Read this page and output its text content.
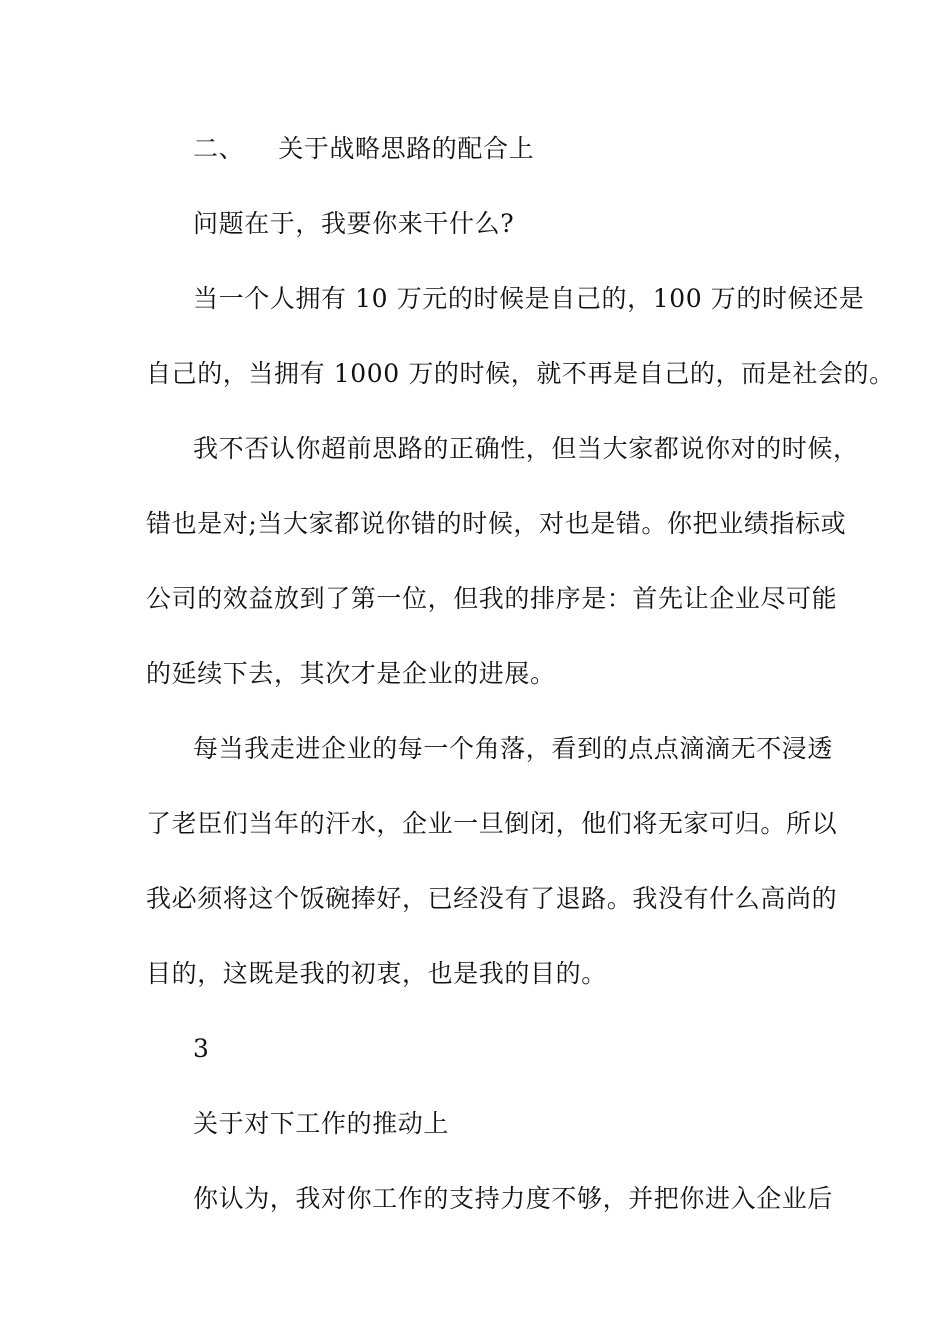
二、 关于战略思路的配合上
问题在于，我要你来干什么?
当一个人拥有 10 万元的时候是自己的，100 万的时候还是
自己的，当拥有 1000 万的时候，就不再是自己的，而是社会的。
我不否认你超前思路的正确性，但当大家都说你对的时候，
错也是对;当大家都说你错的时候，对也是错。你把业绩指标或
公司的效益放到了第一位，但我的排序是：首先让企业尽可能
的延续下去，其次才是企业的进展。
每当我走进企业的每一个角落，看到的点点滴滴无不浸透
了老臣们当年的汗水，企业一旦倒闭，他们将无家可归。所以
我必须将这个饭碗捧好，已经没有了退路。我没有什么高尚的
目的，这既是我的初衷，也是我的目的。
3
关于对下工作的推动上
你认为，我对你工作的支持力度不够，并把你进入企业后
